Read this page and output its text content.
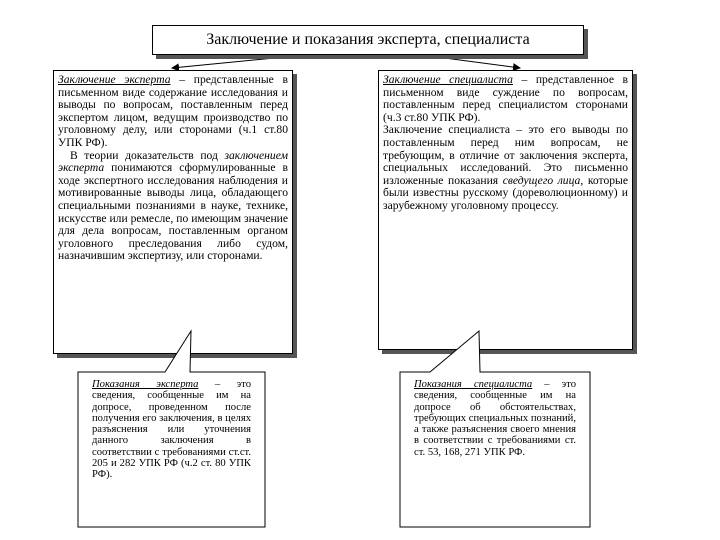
Заключение и показания эксперта, специалиста

Заключение эксперта – представленные в письменном виде содержание исследования и выводы по вопросам, поставленным перед экспертом лицом, ведущим производство по уголовному делу, или сторонами (ч.1 ст.80 УПК РФ).

В теории доказательств под заключением эксперта понимаются сформулированные в ходе экспертного исследования наблюдения и мотивированные выводы лица, обладающего специальными познаниями в науке, технике, искусстве или ремесле, по имеющим значение для дела вопросам, поставленным органом уголовного преследования либо судом, назначившим экспертизу, или сторонами.

Заключение специалиста – представленное в письменном виде суждение по вопросам, поставленным перед специалистом сторонами (ч.3 ст.80 УПК РФ).

Заключение специалиста – это его выводы по поставленным перед ним вопросам, не требующим, в отличие от заключения эксперта, специальных исследований. Это письменно изложенные показания сведущего лица, которые были известны русскому (дореволюционному) и зарубежному уголовному процессу.

Показания эксперта – это сведения, сообщенные им на допросе, проведенном после получения его заключения, в целях разъяснения или уточнения данного заключения в соответствии с требованиями ст.ст. 205 и 282 УПК РФ (ч.2 ст. 80 УПК РФ).

Показания специалиста – это сведения, сообщенные им на допросе об обстоятельствах, требующих специальных познаний, а также разъяснения своего мнения в соответствии с требованиями ст. ст. 53, 168, 271 УПК РФ.
